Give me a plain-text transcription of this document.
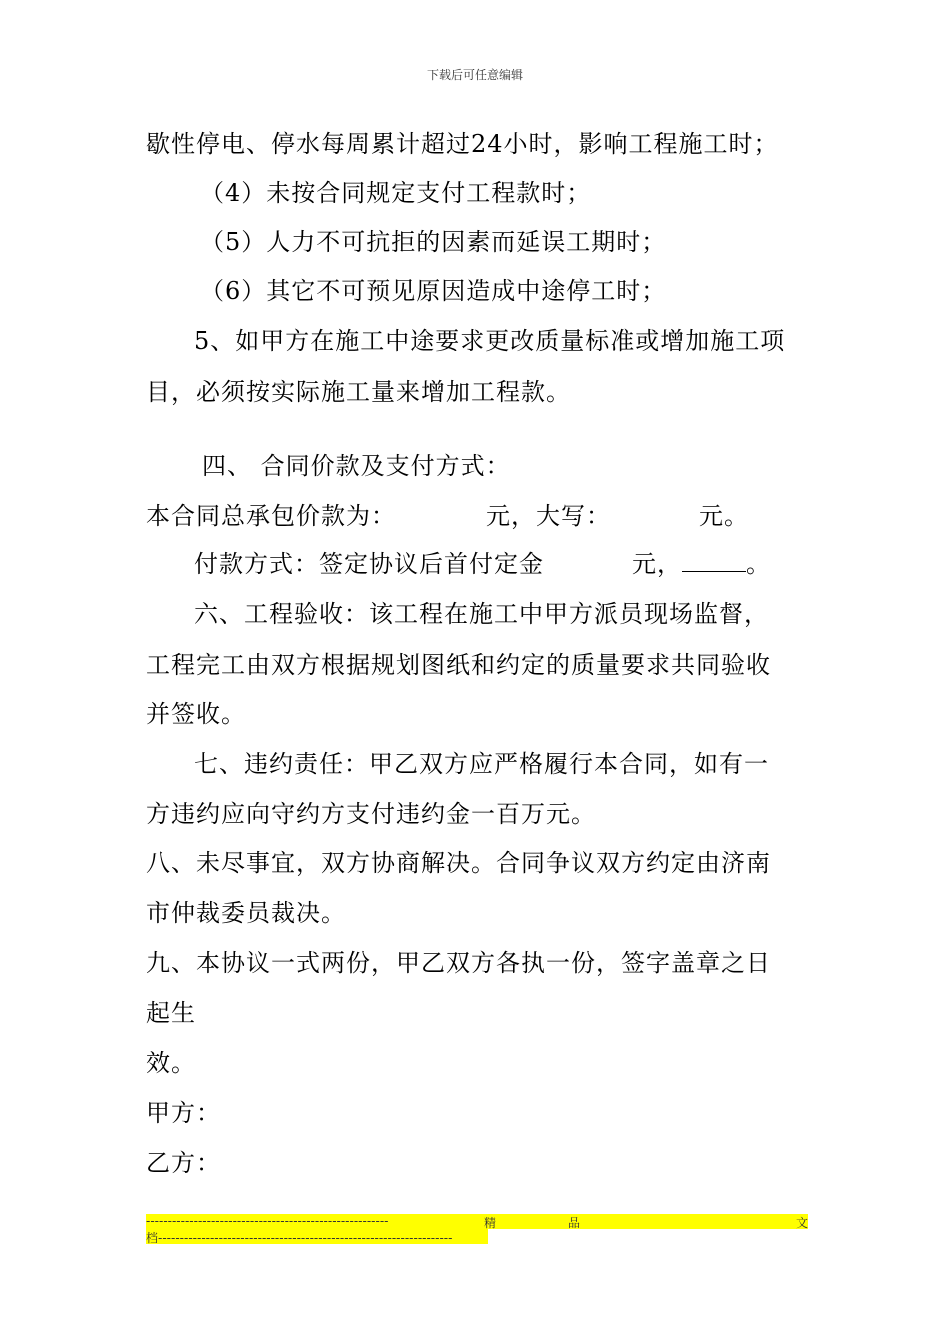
下载后可任意编辑
歇性停电、停水每周累计超过24小时，影响工程施工时；
（4）未按合同规定支付工程款时；
（5）人力不可抗拒的因素而延误工期时；
（6）其它不可预见原因造成中途停工时；
5、如甲方在施工中途要求更改质量标准或增加施工项
目，必须按实际施工量来增加工程款。
四、 合同价款及支付方式：
本合同总承包价款为：	元，大写：	元。
付款方式：签定协议后首付定金	元，	。
六、工程验收：该工程在施工中甲方派员现场监督，
工程完工由双方根据规划图纸和约定的质量要求共同验收
并签收。
七、违约责任：甲乙双方应严格履行本合同，如有一
方违约应向守约方支付违约金一百万元。
八、未尽事宜，双方协商解决。合同争议双方约定由济南
市仲裁委员裁决。
九、本协议一式两份，甲乙双方各执一份，签字盖章之日
起生
效。
甲方：
乙方：
--------------------------------------------------------	精	品	文
档--------------------------------------------------------------------
